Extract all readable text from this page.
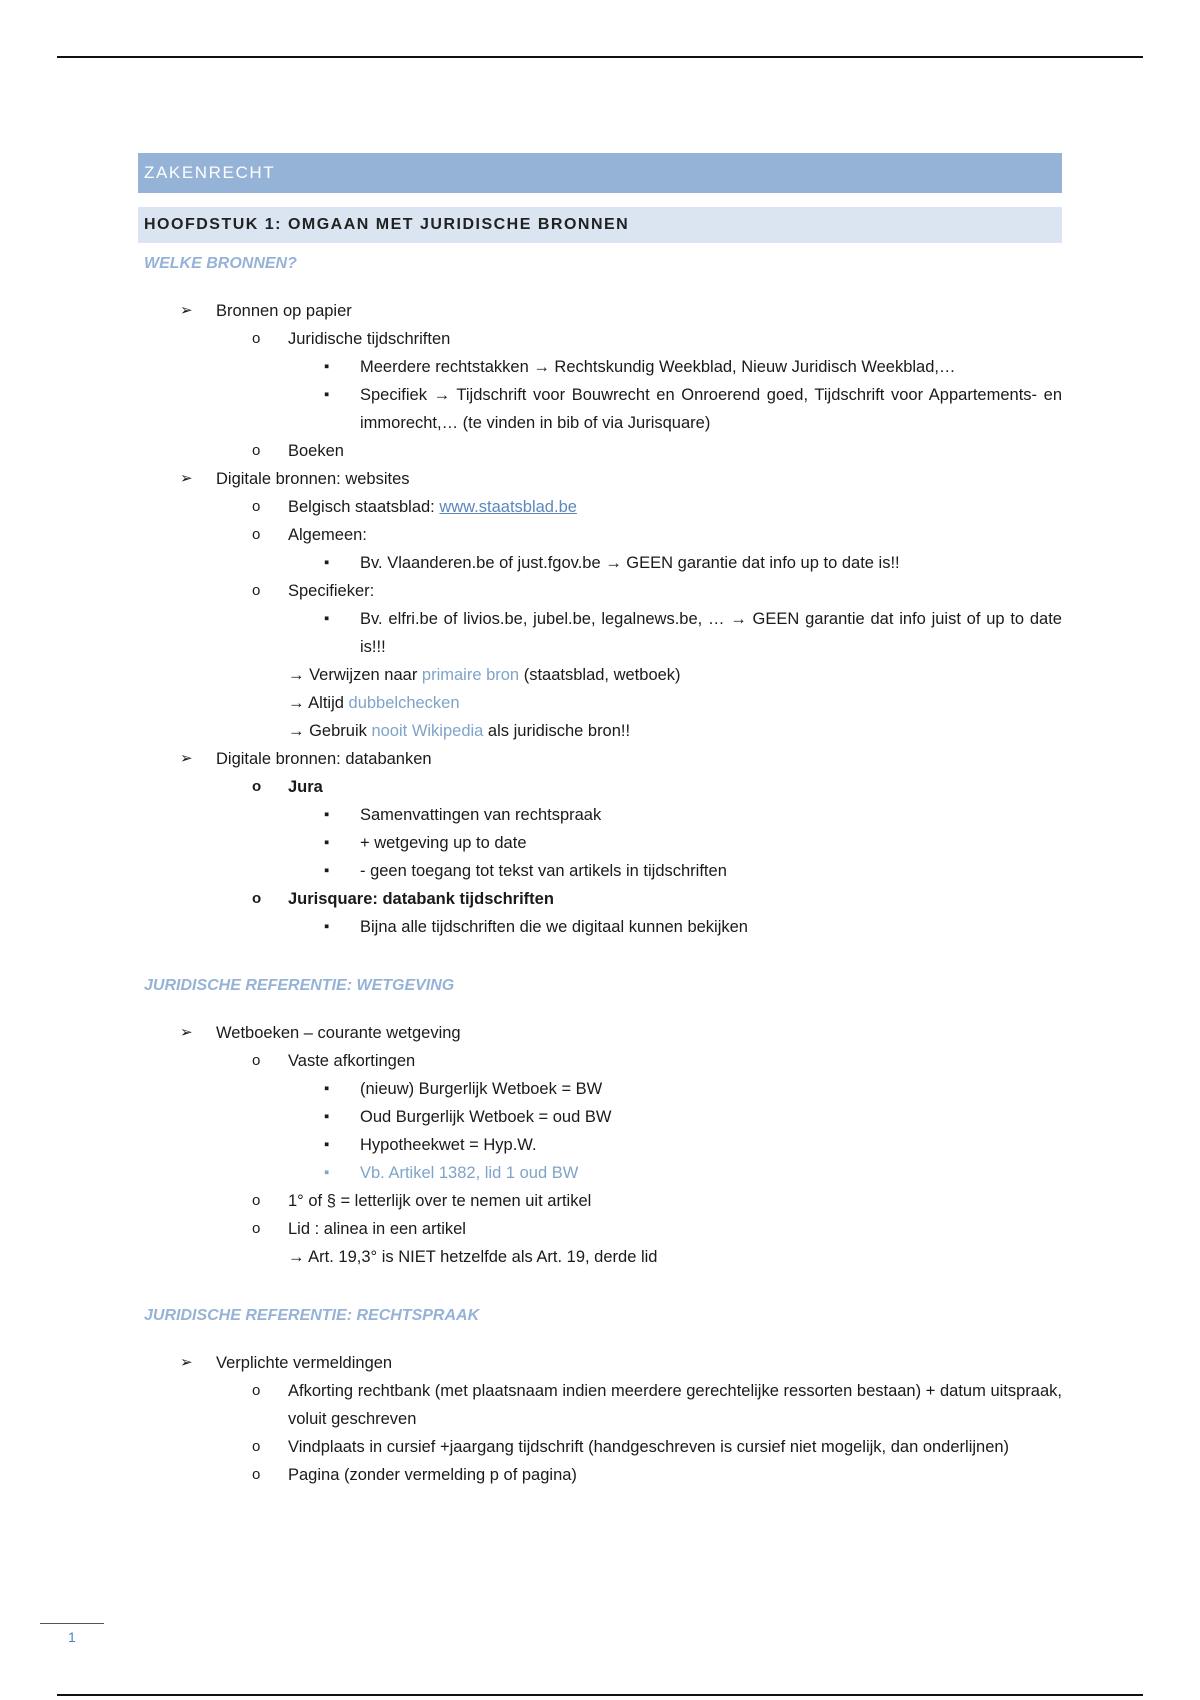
ZAKENRECHT
HOOFDSTUK 1: OMGAAN MET JURIDISCHE BRONNEN
WELKE BRONNEN?
➢ Bronnen op papier
o Juridische tijdschriften
▪ Meerdere rechtstakken → Rechtskundig Weekblad, Nieuw Juridisch Weekblad,…
▪ Specifiek → Tijdschrift voor Bouwrecht en Onroerend goed, Tijdschrift voor Appartements- en immorecht,… (te vinden in bib of via Jurisquare)
o Boeken
➢ Digitale bronnen: websites
o Belgisch staatsblad: www.staatsblad.be
o Algemeen:
▪ Bv. Vlaanderen.be of just.fgov.be → GEEN garantie dat info up to date is!!
o Specifieker:
▪ Bv. elfri.be of livios.be, jubel.be, legalnews.be, … → GEEN garantie dat info juist of up to date is!!!
→ Verwijzen naar primaire bron (staatsblad, wetboek)
→ Altijd dubbelchecken
→ Gebruik nooit Wikipedia als juridische bron!!
➢ Digitale bronnen: databanken
o Jura
▪ Samenvattingen van rechtspraak
▪ + wetgeving up to date
▪ - geen toegang tot tekst van artikels in tijdschriften
o Jurisquare: databank tijdschriften
▪ Bijna alle tijdschriften die we digitaal kunnen bekijken
JURIDISCHE REFERENTIE: WETGEVING
➢ Wetboeken – courante wetgeving
o Vaste afkortingen
▪ (nieuw) Burgerlijk Wetboek = BW
▪ Oud Burgerlijk Wetboek = oud BW
▪ Hypotheekwet = Hyp.W.
▪ Vb. Artikel 1382, lid 1 oud BW
o 1° of § = letterlijk over te nemen uit artikel
o Lid : alinea in een artikel
→ Art. 19,3° is NIET hetzelfde als Art. 19, derde lid
JURIDISCHE REFERENTIE: RECHTSPRAAK
➢ Verplichte vermeldingen
o Afkorting rechtbank (met plaatsnaam indien meerdere gerechtelijke ressorten bestaan) + datum uitspraak, voluit geschreven
o Vindplaats in cursief +jaargang tijdschrift (handgeschreven is cursief niet mogelijk, dan onderlijnen)
o Pagina (zonder vermelding p of pagina)
1
